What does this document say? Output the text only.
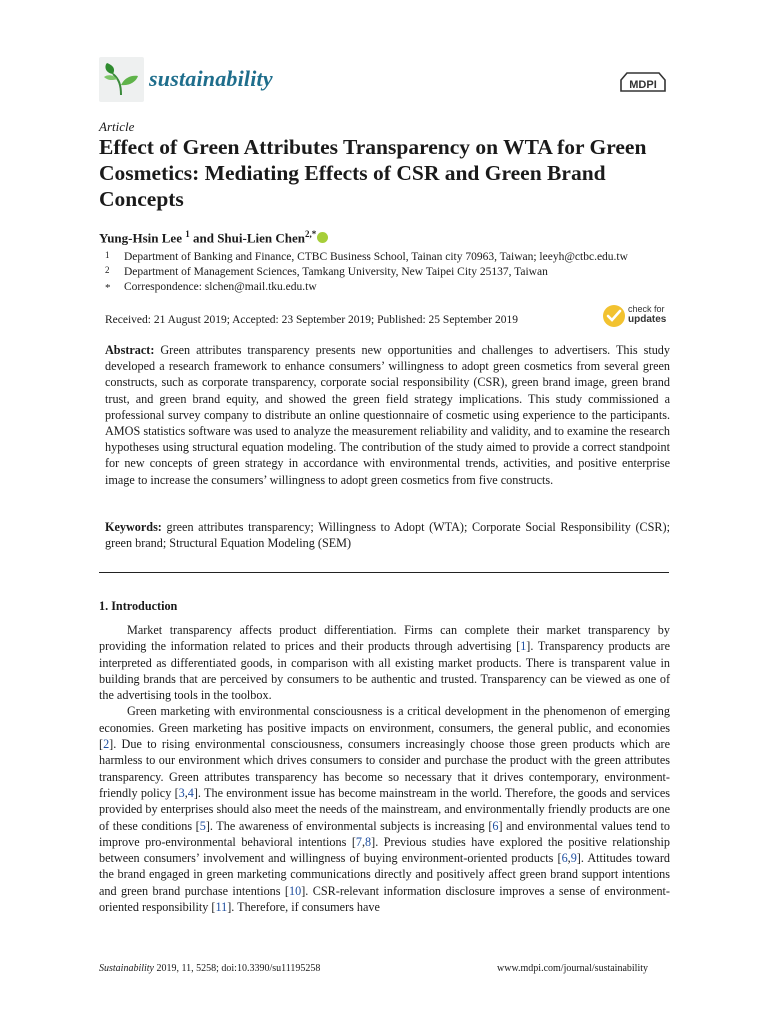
sustainability	MDPI
Article
Effect of Green Attributes Transparency on WTA for Green Cosmetics: Mediating Effects of CSR and Green Brand Concepts
Yung-Hsin Lee $^1$ and Shui-Lien Chen$^{2,*}$
1 Department of Banking and Finance, CTBC Business School, Tainan city 70963, Taiwan; leeyh@ctbc.edu.tw
2 Department of Management Sciences, Tamkang University, New Taipei City 25137, Taiwan
* Correspondence: slchen@mail.tku.edu.tw
Received: 21 August 2019; Accepted: 23 September 2019; Published: 25 September 2019
check for
updates

Abstract: Green attributes transparency presents new opportunities and challenges to advertisers. This study developed a research framework to enhance consumers’ willingness to adopt green cosmetics from several green constructs, such as corporate transparency, corporate social responsibility (CSR), green brand image, green brand trust, and green brand equity, and showed the green field strategy implications. This study commissioned a professional survey company to distribute an online questionnaire of cosmetic using experience to the participants. AMOS statistics software was used to analyze the measurement reliability and validity, and to examine the research hypotheses using structural equation modeling. The contribution of the study aimed to provide a correct standpoint for new concepts of green strategy in accordance with environmental trends, activities, and positive enterprise image to increase the consumers’ willingness to adopt green cosmetics from five constructs.

Keywords: green attributes transparency; Willingness to Adopt (WTA); Corporate Social Responsibility (CSR); green brand; Structural Equation Modeling (SEM)

1. Introduction

Market transparency affects product differentiation. Firms can complete their market transparency by providing the information related to prices and their products through advertising [1]. Transparency products are interpreted as differentiated goods, in comparison with all existing market products. There is transparent value in building brands that are perceived by consumers to be authentic and trusted. Transparency can be viewed as one of the advertising tools in the toolbox.

Green marketing with environmental consciousness is a critical development in the phenomenon of emerging economies. Green marketing has positive impacts on environment, consumers, the general public, and economies [2]. Due to rising environmental consciousness, consumers increasingly choose those green products which are harmless to our environment which drives consumers to consider and purchase the product with the green attributes transparency. Green attributes transparency has become so necessary that it drives contemporary, environment-friendly policy [3,4]. The environment issue has become mainstream in the world. Therefore, the goods and services provided by enterprises should also meet the needs of the mainstream, and environmentally friendly products are one of these conditions [5]. The awareness of environmental subjects is increasing [6] and environmental values tend to improve pro-environmental behavioral intentions [7,8]. Previous studies have explored the positive relationship between consumers’ involvement and willingness of buying environment-oriented products [6,9]. Attitudes toward the brand engaged in green marketing communications directly and positively affect green brand support intentions and green brand purchase intentions [10]. CSR-relevant information disclosure improves a sense of environment-oriented responsibility [11]. Therefore, if consumers have

Sustainability 2019, 11, 5258; doi:10.3390/su11195258	www.mdpi.com/journal/sustainability
